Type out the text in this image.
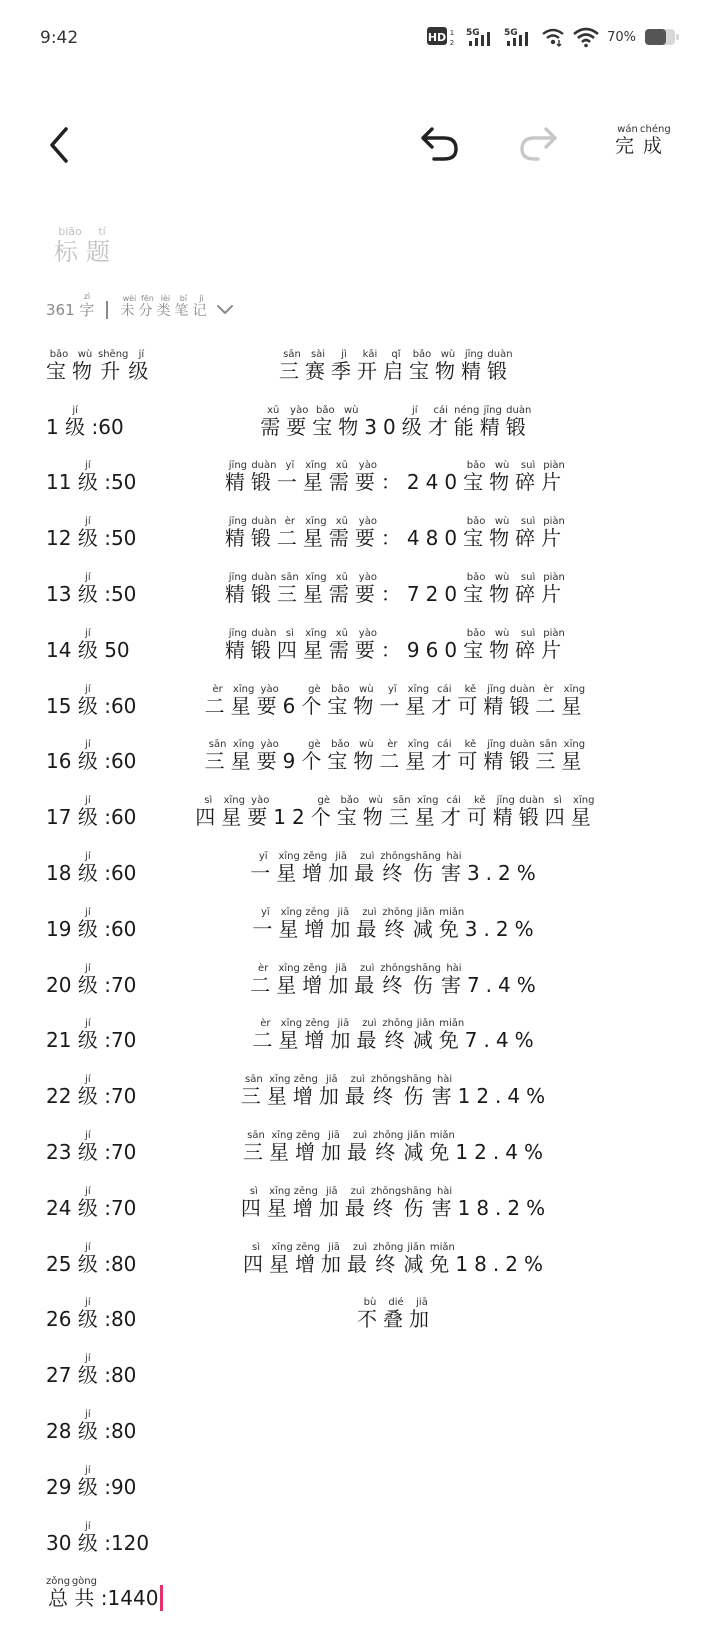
9:42	HD 1
2
5G	5G	70%
完wán成chéng
标biāo题tí
361 字zì
未wèi分fēn类lèi笔bǐ记jì
宝bǎo物wù升shēng级jí
三sān赛sài季jì开kāi启qǐ宝bǎo物wù精jīng锻duàn
1 级jí :60	需xū要yào宝bǎo物wù30级jí才cái能néng精jīng锻duàn
11 级jí :50	精jīng锻duàn一yī星xīng需xū要yào：240宝bǎo物wù碎suì片piàn
12 级jí :50	精jīng锻duàn二èr星xīng需xū要yào：480宝bǎo物wù碎suì片piàn
13 级jí :50	精jīng锻duàn三sān星xīng需xū要yào：720宝bǎo物wù碎suì片piàn
14 级jí 50	精jīng锻duàn四sì星xīng需xū要yào：960宝bǎo物wù碎suì片piàn
15 级jí :60	二èr星xīng要yào6个gè宝bǎo物wù一yī星xīng才cái可kě精jīng锻duàn二èr星xīng
16 级jí :60	三sān星xīng要yào9个gè宝bǎo物wù二èr星xīng才cái可kě精jīng锻duàn三sān星xīng
17 级jí :60	四sì星xīng要yào12个gè宝bǎo物wù三sān星xīng才cái可kě精jīng锻duàn四sì星xīng
18 级jí :60	一yī星xīng增zēng加jiā最zuì终zhōng伤shāng害hài3.2%
19 级jí :60	一yī星xīng增zēng加jiā最zuì终zhōng减jiǎn免miǎn3.2%
20 级jí :70	二èr星xīng增zēng加jiā最zuì终zhōng伤shāng害hài7.4%
21 级jí :70	二èr星xīng增zēng加jiā最zuì终zhōng减jiǎn免miǎn7.4%
22 级jí :70	三sān星xīng增zēng加jiā最zuì终zhōng伤shāng害hài12.4%
23 级jí :70	三sān星xīng增zēng加jiā最zuì终zhōng减jiǎn免miǎn12.4%
24 级jí :70	四sì星xīng增zēng加jiā最zuì终zhōng伤shāng害hài18.2%
25 级jí :80	四sì星xīng增zēng加jiā最zuì终zhōng减jiǎn免miǎn18.2%
26 级jí :80	不bù叠dié加jiā
27 级jí :80
28 级jí :80
29 级jí :90
30 级jí :120
总zǒng 共gòng :1440
